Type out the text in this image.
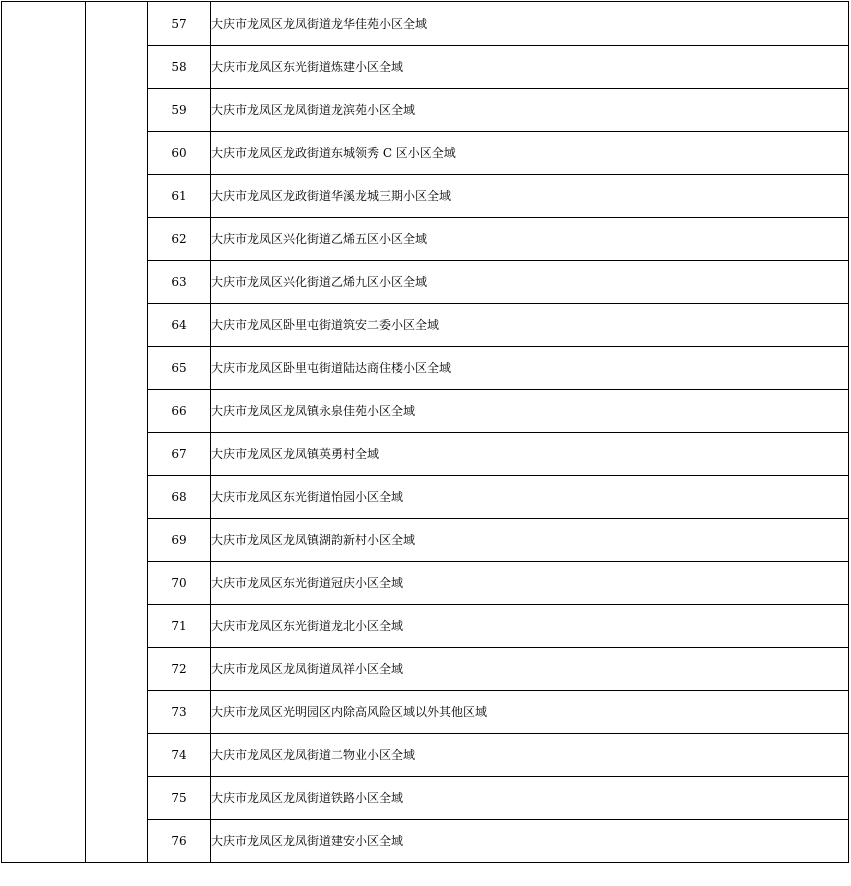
		57	大庆市龙凤区龙凤街道龙华佳苑小区全域
		58	大庆市龙凤区东光街道炼建小区全域
		59	大庆市龙凤区龙凤街道龙滨苑小区全域
		60	大庆市龙凤区龙政街道东城领秀 C 区小区全域
		61	大庆市龙凤区龙政街道华溪龙城三期小区全域
		62	大庆市龙凤区兴化街道乙烯五区小区全域
		63	大庆市龙凤区兴化街道乙烯九区小区全域
		64	大庆市龙凤区卧里屯街道筑安二委小区全域
		65	大庆市龙凤区卧里屯街道陆达商住楼小区全域
		66	大庆市龙凤区龙凤镇永泉佳苑小区全域
		67	大庆市龙凤区龙凤镇英勇村全域
		68	大庆市龙凤区东光街道怡园小区全域
		69	大庆市龙凤区龙凤镇湖韵新村小区全域
		70	大庆市龙凤区东光街道冠庆小区全域
		71	大庆市龙凤区东光街道龙北小区全域
		72	大庆市龙凤区龙凤街道凤祥小区全域
		73	大庆市龙凤区光明园区内除高风险区域以外其他区域
		74	大庆市龙凤区龙凤街道二物业小区全域
		75	大庆市龙凤区龙凤街道铁路小区全域
		76	大庆市龙凤区龙凤街道建安小区全域
